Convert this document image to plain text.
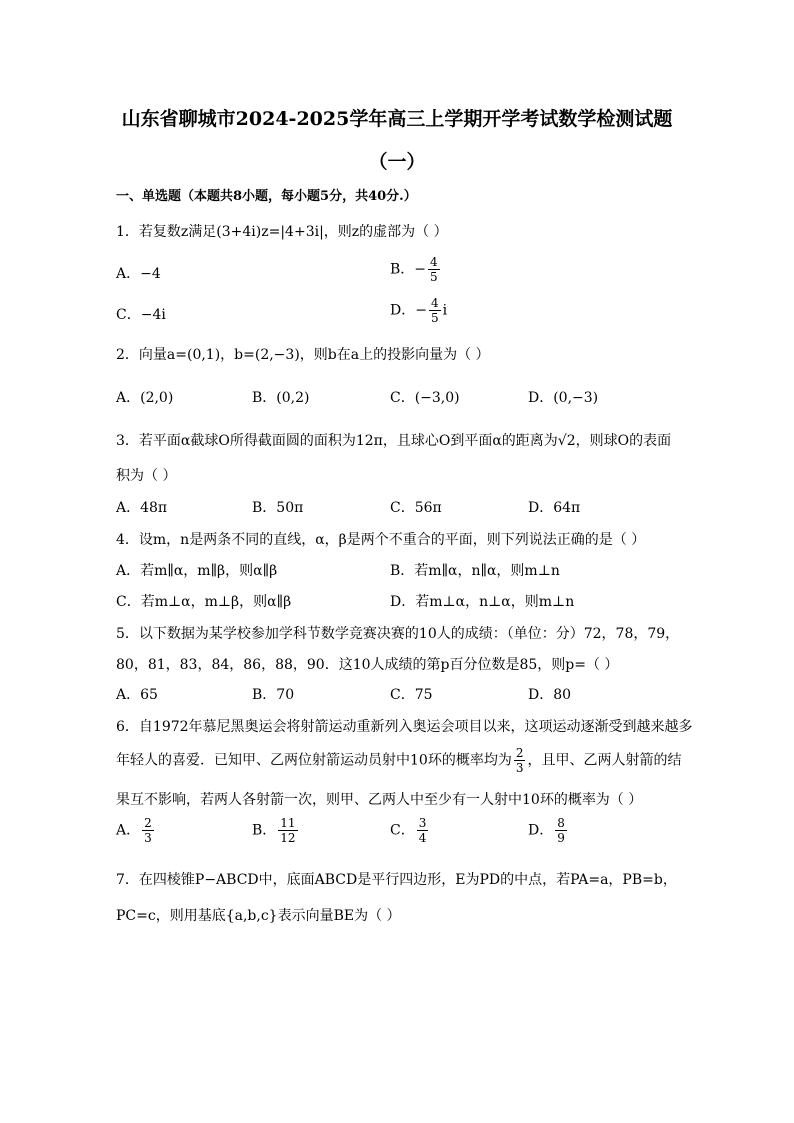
山东省聊城市2024-2025学年高三上学期开学考试数学检测试题
（一）
一、单选题（本题共8小题，每小题5分，共40分.）
1．若复数z满足(3+4i)z=|4+3i|，则z的虚部为（ ）
A．−4	B．− $\frac{4}{5}$
C．−4i	D．− $\frac{4}{5}$ i
2．向量a=(0,1)，b=(2,−3)，则b在a上的投影向量为（ ）
A．(2,0)	B．(0,2)	C．(−3,0)	D．(0,−3)
3．若平面α截球O所得截面圆的面积为12π，且球心O到平面α的距离为√2，则球O的表面
积为（ ）
A．48π	B．50π	C．56π	D．64π
4．设m，n是两条不同的直线，α，β是两个不重合的平面，则下列说法正确的是（ ）
A．若m∥α，m∥β，则α∥β	B．若m∥α，n∥α，则m⊥n
C．若m⊥α，m⊥β，则α∥β	D．若m⊥α，n⊥α，则m⊥n
5．以下数据为某学校参加学科节数学竞赛决赛的10人的成绩：（单位：分）72，78，79，
80，81，83，84，86，88，90．这10人成绩的第p百分位数是85，则p=（ ）
A．65	B．70	C．75	D．80
6．自1972年慕尼黑奥运会将射箭运动重新列入奥运会项目以来，这项运动逐渐受到越来越多
年轻人的喜爱．已知甲、乙两位射箭运动员射中10环的概率均为 $\frac{2}{3}$ ，且甲、乙两人射箭的结
果互不影响，若两人各射箭一次，则甲、乙两人中至少有一人射中10环的概率为（ ）
A． $\frac{2}{3}$	B． $\frac{11}{12}$	C． $\frac{3}{4}$	D． $\frac{8}{9}$
7．在四棱锥P−ABCD中，底面ABCD是平行四边形，E为PD的中点，若PA=a，PB=b，
PC=c，则用基底{a,b,c}表示向量BE为（ ）
